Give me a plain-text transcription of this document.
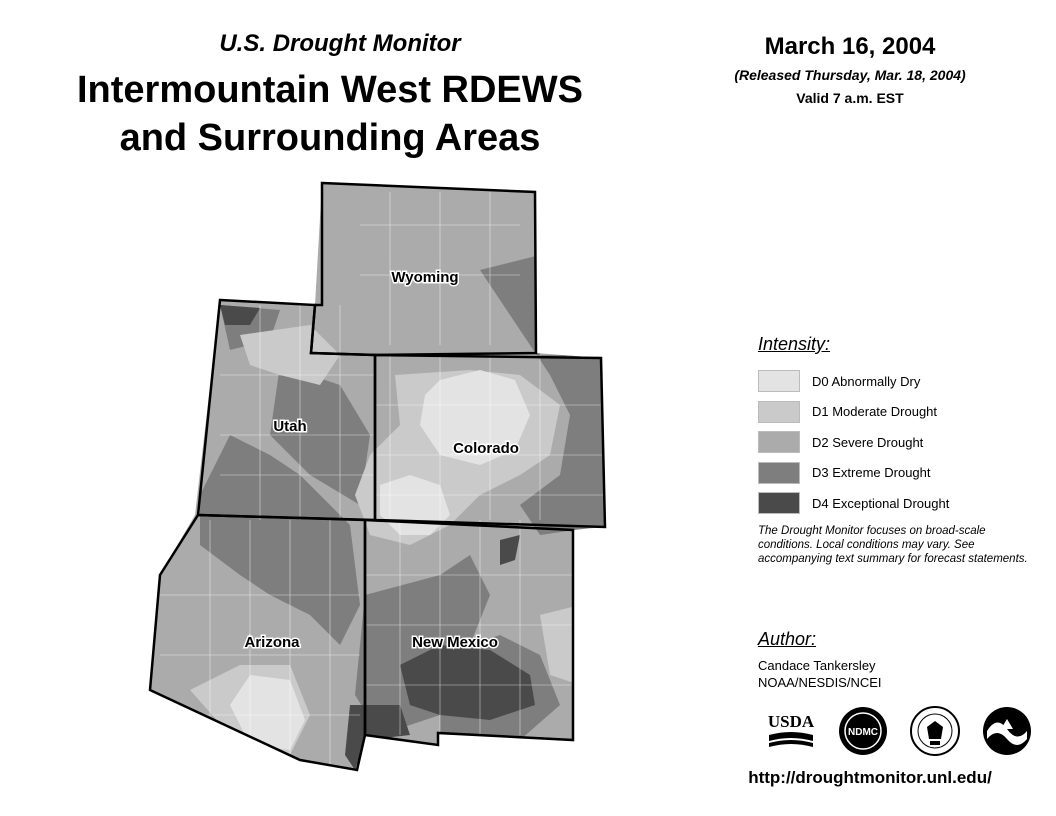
U.S. Drought Monitor
Intermountain West RDEWS
and Surrounding Areas
March 16, 2004
(Released Thursday, Mar. 18, 2004)
Valid 7 a.m. EST
Wyoming
Utah
Colorado
Arizona	New Mexico
Intensity:
D0 Abnormally Dry
D1 Moderate Drought
D2 Severe Drought
D3 Extreme Drought
D4 Exceptional Drought
The Drought Monitor focuses on broad-scale conditions. Local conditions may vary. See accompanying text summary for forecast statements.
Author:
Candace Tankersley
NOAA/NESDIS/NCEI
USDA
NDMC
http://droughtmonitor.unl.edu/
